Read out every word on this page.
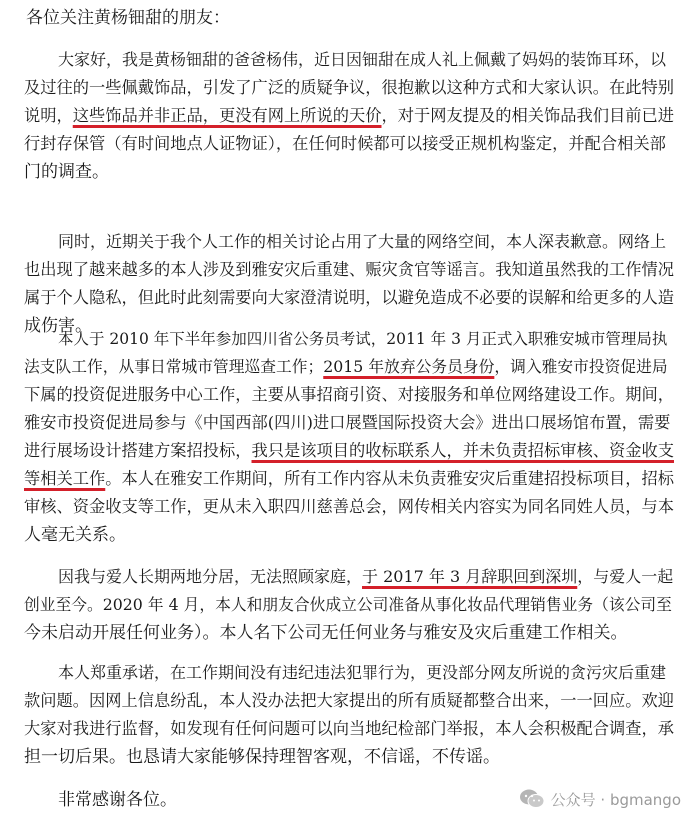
各位关注黄杨钿甜的朋友：
大家好，我是黄杨钿甜的爸爸杨伟，近日因钿甜在成人礼上佩戴了妈妈的装饰耳环，以
及过往的一些佩戴饰品，引发了广泛的质疑争议，很抱歉以这种方式和大家认识。在此特别
说明，这些饰品并非正品，更没有网上所说的天价，对于网友提及的相关饰品我们目前已进
行封存保管（有时间地点人证物证），在任何时候都可以接受正规机构鉴定，并配合相关部
门的调查。
同时，近期关于我个人工作的相关讨论占用了大量的网络空间，本人深表歉意。网络上
也出现了越来越多的本人涉及到雅安灾后重建、赈灾贪官等谣言。我知道虽然我的工作情况
属于个人隐私，但此时此刻需要向大家澄清说明，以避免造成不必要的误解和给更多的人造
成伤害。
本人于 2010 年下半年参加四川省公务员考试，2011 年 3 月正式入职雅安城市管理局执
法支队工作，从事日常城市管理巡查工作；2015 年放弃公务员身份，调入雅安市投资促进局
下属的投资促进服务中心工作，主要从事招商引资、对接服务和单位网络建设工作。期间，
雅安市投资促进局参与《中国西部(四川)进口展暨国际投资大会》进出口展场馆布置，需要
进行展场设计搭建方案招投标，我只是该项目的收标联系人，并未负责招标审核、资金收支
等相关工作。本人在雅安工作期间，所有工作内容从未负责雅安灾后重建招投标项目，招标
审核、资金收支等工作，更从未入职四川慈善总会，网传相关内容实为同名同姓人员，与本
人毫无关系。
因我与爱人长期两地分居，无法照顾家庭，于 2017 年 3 月辞职回到深圳，与爱人一起
创业至今。2020 年 4 月，本人和朋友合伙成立公司准备从事化妆品代理销售业务（该公司至
今未启动开展任何业务）。本人名下公司无任何业务与雅安及灾后重建工作相关。
本人郑重承诺，在工作期间没有违纪违法犯罪行为，更没部分网友所说的贪污灾后重建
款问题。因网上信息纷乱，本人没办法把大家提出的所有质疑都整合出来，一一回应。欢迎
大家对我进行监督，如发现有任何问题可以向当地纪检部门举报，本人会积极配合调查，承
担一切后果。也恳请大家能够保持理智客观，不信谣，不传谣。
非常感谢各位。	公众号 · bgmango
